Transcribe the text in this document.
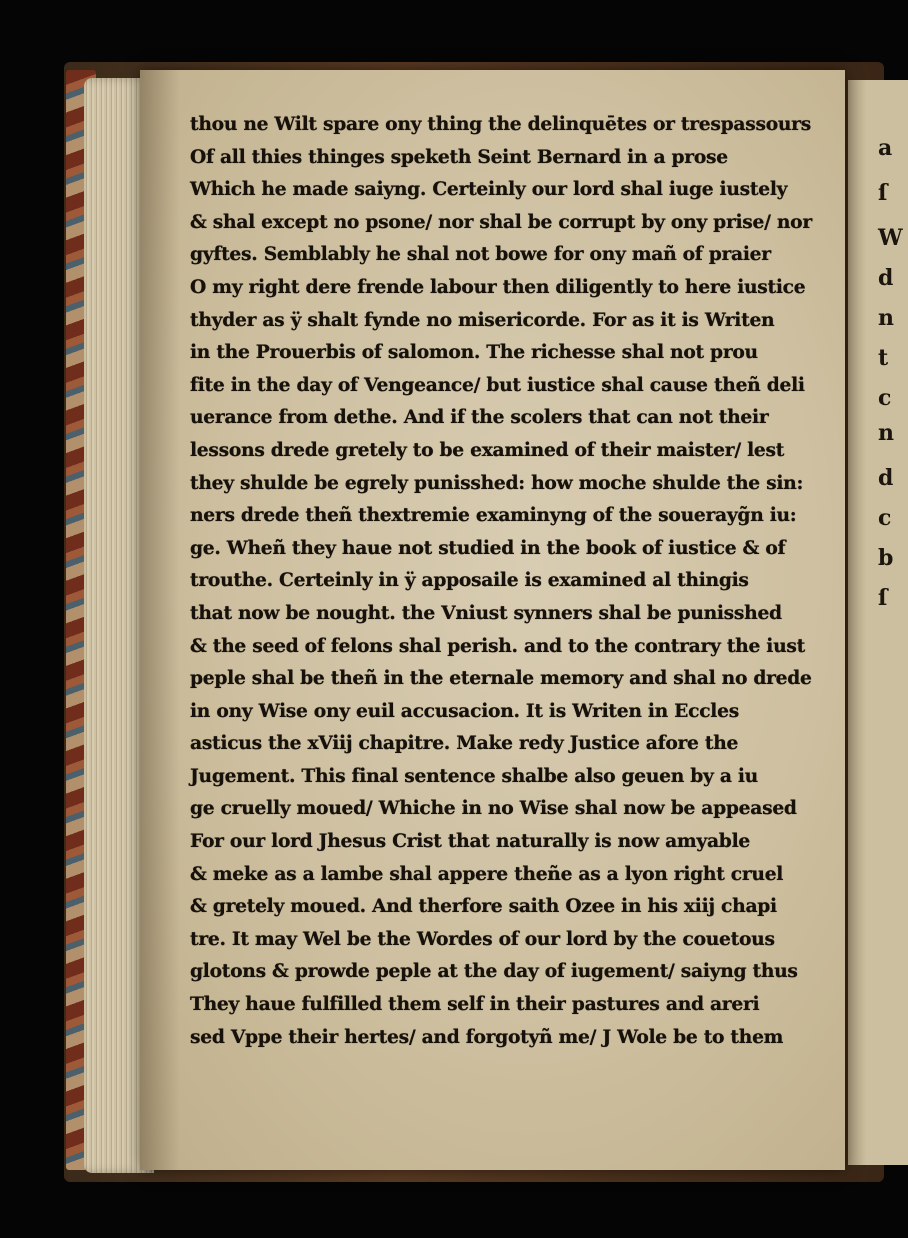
a
ſ
W
d
n
t
c
n
d
c
b
ſ
thou ne Wilt spare ony thing the delinquētes or trespassours
Of all thies thinges speketh Seint Bernard in a prose
Which he made saiyng. Certeinly our lord shal iuge iustely
& shal except no psone/ nor shal be corrupt by ony prise/ nor
gyftes. Semblably he shal not bowe for ony mañ of praier
O my right dere frende labour then diligently to here iustice
thyder as ÿ shalt fynde no misericorde. For as it is Writen
in the Prouerbis of salomon. The richesse shal not prou
fite in the day of Vengeance/ but iustice shal cause theñ deli
uerance from dethe. And if the scolers that can not their
lessons drede gretely to be examined of their maister/ lest
they shulde be egrely punisshed: how moche shulde the sin:
ners drede theñ thextremie examinyng of the souerayg̃n iu:
ge. Wheñ they haue not studied in the book of iustice & of
trouthe. Certeinly in ÿ apposaile is examined al thingis
that now be nought. the Vniust synners shal be punisshed
& the seed of felons shal perish. and to the contrary the iust
peple shal be theñ in the eternale memory and shal no drede
in ony Wise ony euil accusacion. It is Writen in Eccles
asticus the xViij chapitre. Make redy Justice afore the
Jugement. This final sentence shalbe also geuen by a iu
ge cruelly moued/ Whiche in no Wise shal now be appeased
For our lord Jhesus Crist that naturally is now amyable
& meke as a lambe shal appere theñe as a lyon right cruel
& gretely moued. And therfore saith Ozee in his xiij chapi
tre. It may Wel be the Wordes of our lord by the couetous
glotons & prowde peple at the day of iugement/ saiyng thus
They haue fulfilled them self in their pastures and areri
sed Vppe their hertes/ and forgotyñ me/ J Wole be to them
